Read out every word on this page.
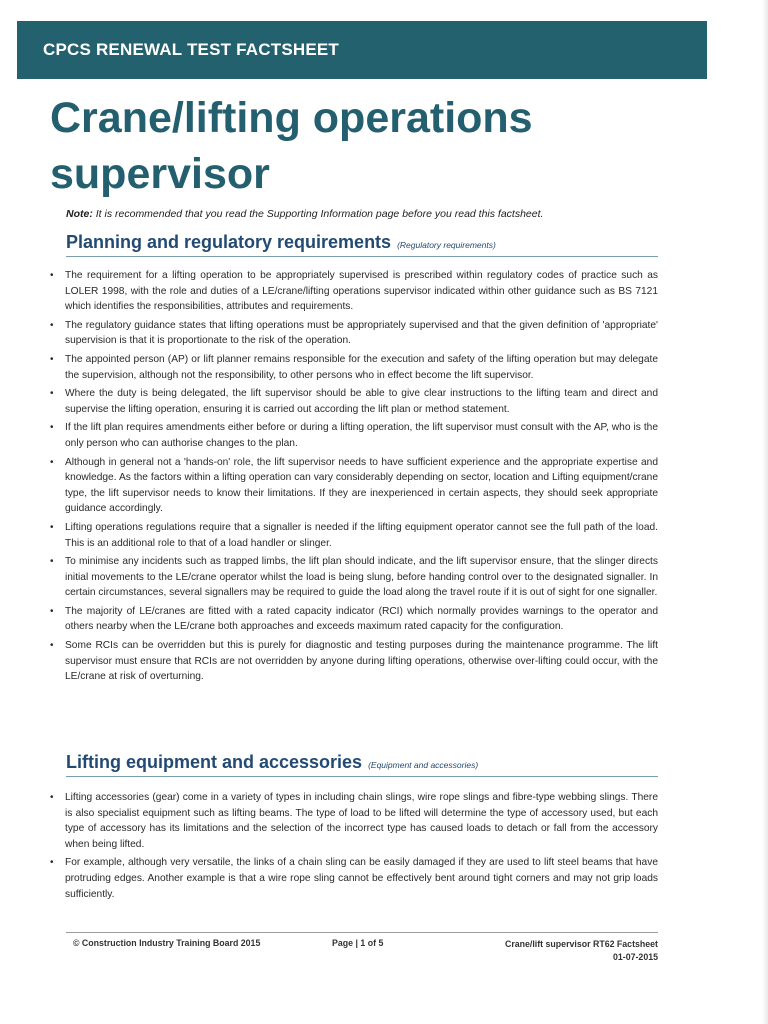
CPCS RENEWAL TEST FACTSHEET
Crane/lifting operations
supervisor
Note: It is recommended that you read the Supporting Information page before you read this factsheet.
Planning and regulatory requirements (Regulatory requirements)
• The requirement for a lifting operation to be appropriately supervised is prescribed within regulatory codes of practice such as LOLER 1998, with the role and duties of a LE/crane/lifting operations supervisor indicated within other guidance such as BS 7121 which identifies the responsibilities, attributes and requirements.
• The regulatory guidance states that lifting operations must be appropriately supervised and that the given definition of 'appropriate' supervision is that it is proportionate to the risk of the operation.
• The appointed person (AP) or lift planner remains responsible for the execution and safety of the lifting operation but may delegate the supervision, although not the responsibility, to other persons who in effect become the lift supervisor.
• Where the duty is being delegated, the lift supervisor should be able to give clear instructions to the lifting team and direct and supervise the lifting operation, ensuring it is carried out according the lift plan or method statement.
• If the lift plan requires amendments either before or during a lifting operation, the lift supervisor must consult with the AP, who is the only person who can authorise changes to the plan.
• Although in general not a 'hands-on' role, the lift supervisor needs to have sufficient experience and the appropriate expertise and knowledge. As the factors within a lifting operation can vary considerably depending on sector, location and Lifting equipment/crane type, the lift supervisor needs to know their limitations. If they are inexperienced in certain aspects, they should seek appropriate guidance accordingly.
• Lifting operations regulations require that a signaller is needed if the lifting equipment operator cannot see the full path of the load. This is an additional role to that of a load handler or slinger.
• To minimise any incidents such as trapped limbs, the lift plan should indicate, and the lift supervisor ensure, that the slinger directs initial movements to the LE/crane operator whilst the load is being slung, before handing control over to the designated signaller. In certain circumstances, several signallers may be required to guide the load along the travel route if it is out of sight for one signaller.
• The majority of LE/cranes are fitted with a rated capacity indicator (RCI) which normally provides warnings to the operator and others nearby when the LE/crane both approaches and exceeds maximum rated capacity for the configuration.
• Some RCIs can be overridden but this is purely for diagnostic and testing purposes during the maintenance programme. The lift supervisor must ensure that RCIs are not overridden by anyone during lifting operations, otherwise over-lifting could occur, with the LE/crane at risk of overturning.
Lifting equipment and accessories (Equipment and accessories)
• Lifting accessories (gear) come in a variety of types in including chain slings, wire rope slings and fibre-type webbing slings. There is also specialist equipment such as lifting beams. The type of load to be lifted will determine the type of accessory used, but each type of accessory has its limitations and the selection of the incorrect type has caused loads to detach or fall from the accessory when being lifted.
• For example, although very versatile, the links of a chain sling can be easily damaged if they are used to lift steel beams that have protruding edges. Another example is that a wire rope sling cannot be effectively bent around tight corners and may not grip loads sufficiently.
© Construction Industry Training Board 2015	Page | 1 of 5	Crane/lift supervisor RT62 Factsheet
01-07-2015
